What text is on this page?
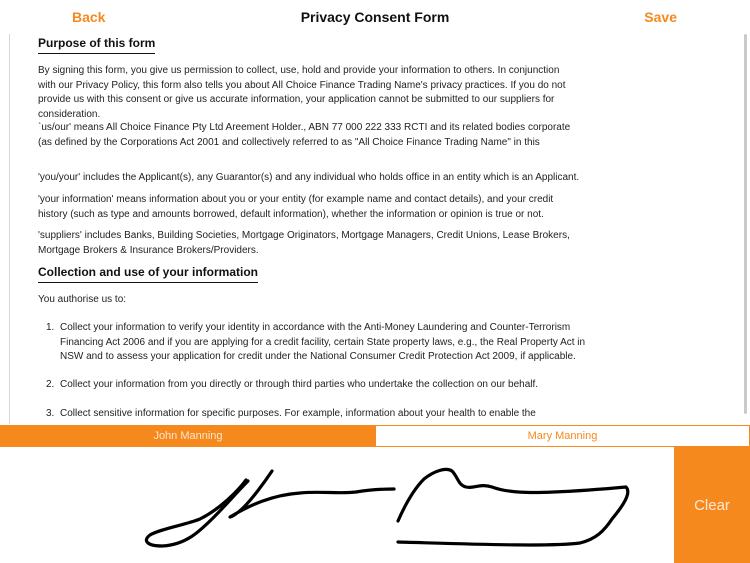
Back	Privacy Consent Form	Save
Purpose of this form
By signing this form, you give us permission to collect, use, hold and provide your information to others. In conjunction
with our Privacy Policy, this form also tells you about All Choice Finance Trading Name's privacy practices. If you do not
provide us with this consent or give us accurate information, your application cannot be submitted to our suppliers for
consideration.
`us/our' means All Choice Finance Pty Ltd Areement Holder., ABN 77 000 222 333 RCTI and its related bodies corporate
(as defined by the Corporations Act 2001 and collectively referred to as "All Choice Finance Trading Name" in this
'you/your' includes the Applicant(s), any Guarantor(s) and any individual who holds office in an entity which is an Applicant.
'your information' means information about you or your entity (for example name and contact details), and your credit
history (such as type and amounts borrowed, default information), whether the information or opinion is true or not.
'suppliers' includes Banks, Building Societies, Mortgage Originators, Mortgage Managers, Credit Unions, Lease Brokers,
Mortgage Brokers & Insurance Brokers/Providers.
Collection and use of your information
You authorise us to:
1. Collect your information to verify your identity in accordance with the Anti-Money Laundering and Counter-Terrorism
Financing Act 2006 and if you are applying for a credit facility, certain State property laws, e.g., the Real Property Act in
NSW and to assess your application for credit under the National Consumer Credit Protection Act 2009, if applicable.
2. Collect your information from you directly or through third parties who undertake the collection on our behalf.
3. Collect sensitive information for specific purposes. For example, information about your health to enable the
John Manning	Mary Manning
Clear
